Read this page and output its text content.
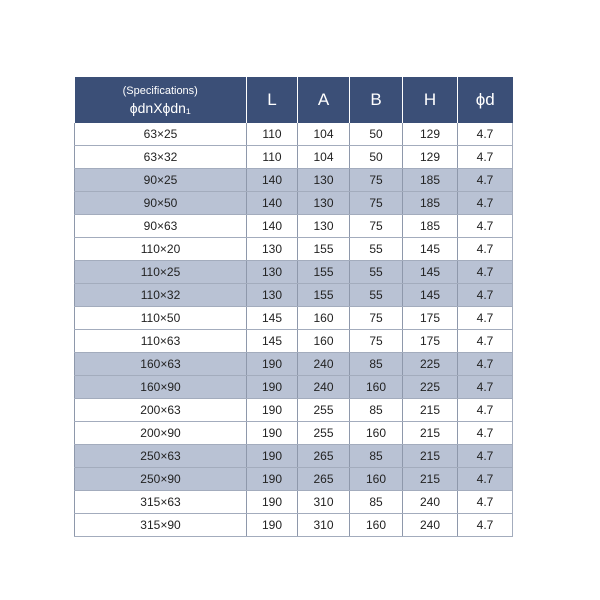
(Specifications)
ϕdnXϕdn₁	L	A	B	H	ϕd
63×25	110	104	50	129	4.7
63×32	110	104	50	129	4.7
90×25	140	130	75	185	4.7
90×50	140	130	75	185	4.7
90×63	140	130	75	185	4.7
110×20	130	155	55	145	4.7
110×25	130	155	55	145	4.7
110×32	130	155	55	145	4.7
110×50	145	160	75	175	4.7
110×63	145	160	75	175	4.7
160×63	190	240	85	225	4.7
160×90	190	240	160	225	4.7
200×63	190	255	85	215	4.7
200×90	190	255	160	215	4.7
250×63	190	265	85	215	4.7
250×90	190	265	160	215	4.7
315×63	190	310	85	240	4.7
315×90	190	310	160	240	4.7
